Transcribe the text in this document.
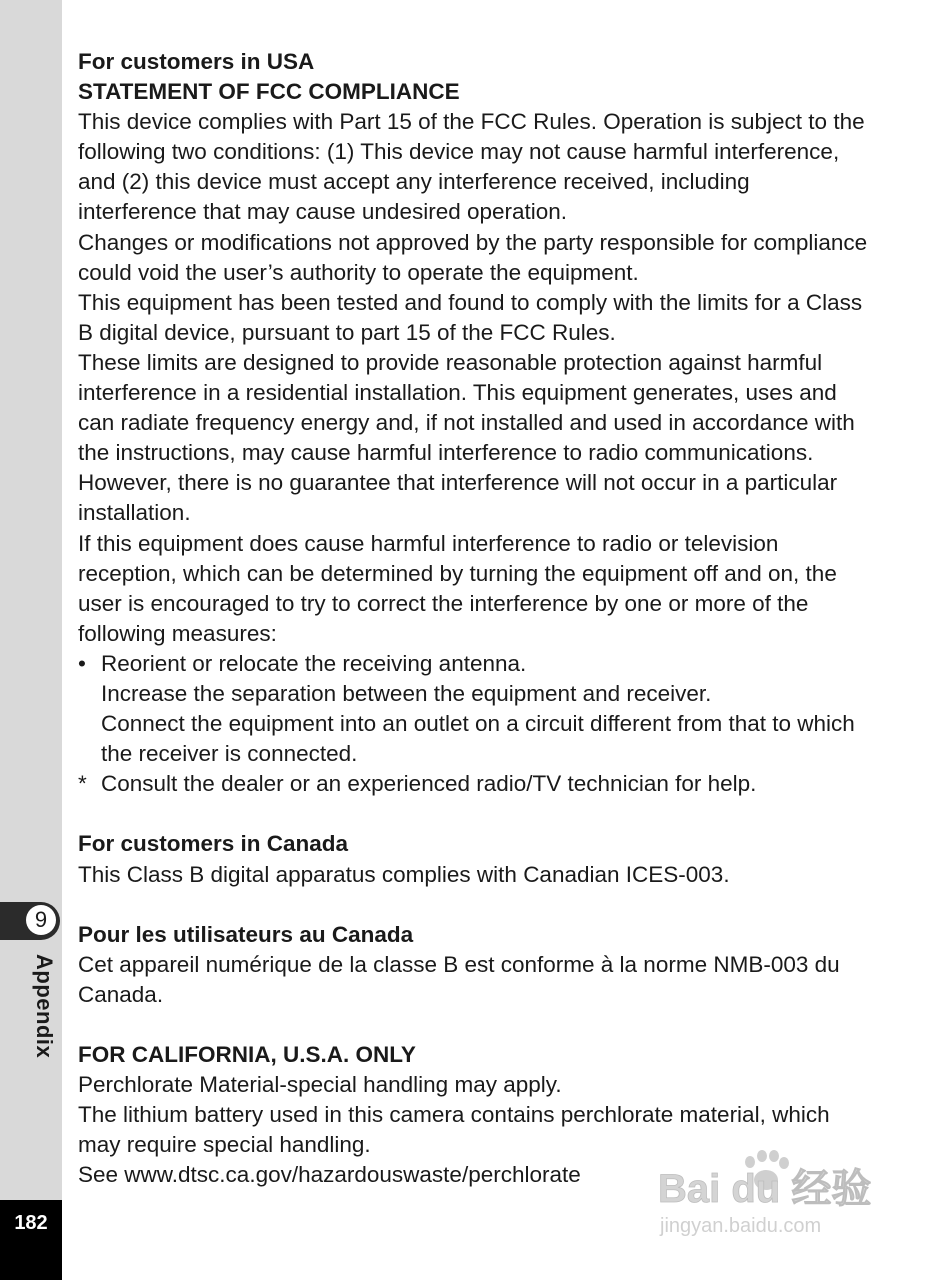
9
Appendix
182

For customers in USA

STATEMENT OF FCC COMPLIANCE

This device complies with Part 15 of the FCC Rules. Operation is subject to the following two conditions: (1) This device may not cause harmful interference, and (2) this device must accept any interference received, including interference that may cause undesired operation.

Changes or modifications not approved by the party responsible for compliance could void the user’s authority to operate the equipment.

This equipment has been tested and found to comply with the limits for a Class B digital device, pursuant to part 15 of the FCC Rules.

These limits are designed to provide reasonable protection against harmful interference in a residential installation. This equipment generates, uses and can radiate frequency energy and, if not installed and used in accordance with the instructions, may cause harmful interference to radio communications. However, there is no guarantee that interference will not occur in a particular installation.

If this equipment does cause harmful interference to radio or television reception, which can be determined by turning the equipment off and on, the user is encouraged to try to correct the interference by one or more of the following measures:

• Reorient or relocate the receiving antenna.

Increase the separation between the equipment and receiver.

Connect the equipment into an outlet on a circuit different from that to which the receiver is connected.

* Consult the dealer or an experienced radio/TV technician for help.

For customers in Canada

This Class B digital apparatus complies with Canadian ICES-003.

Pour les utilisateurs au Canada

Cet appareil numérique de la classe B est conforme à la norme NMB-003 du Canada.

FOR CALIFORNIA, U.S.A. ONLY

Perchlorate Material-special handling may apply.

The lithium battery used in this camera contains perchlorate material, which may require special handling.

See www.dtsc.ca.gov/hazardouswaste/perchlorate	Bai du 经验
jingyan.baidu.com
